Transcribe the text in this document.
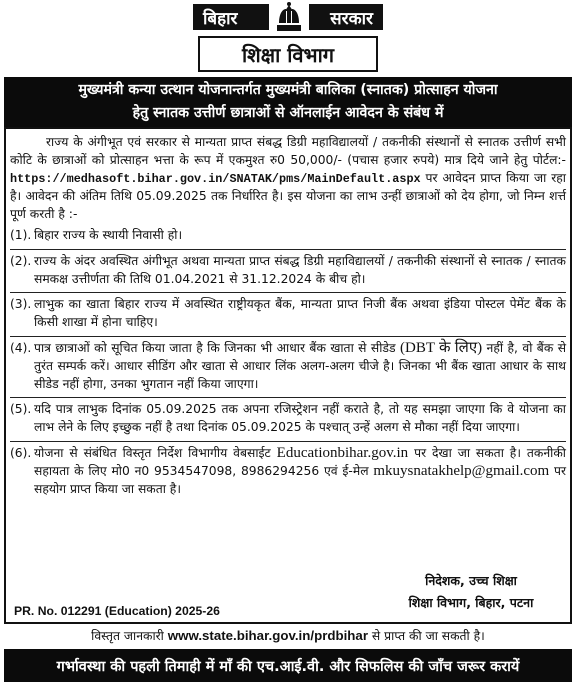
बिहार	सरकार
शिक्षा विभाग
मुख्यमंत्री कन्या उत्थान योजनान्तर्गत मुख्यमंत्री बालिका (स्नातक) प्रोत्साहन योजना
हेतु स्नातक उत्तीर्ण छात्राओं से ऑनलाईन आवेदन के संबंध में

राज्य के अंगीभूत एवं सरकार से मान्यता प्राप्त संबद्ध डिग्री महाविद्यालयों / तकनीकी संस्थानों से स्नातक उत्तीर्ण सभी कोटि के छात्राओं को प्रोत्साहन भत्ता के रूप में एकमुश्त रु0 50,000/- (पचास हजार रुपये) मात्र दिये जाने हेतु पोर्टल:-https://medhasoft.bihar.gov.in/SNATAK/pms/MainDefault.aspx पर आवेदन प्राप्त किया जा रहा है। आवेदन की अंतिम तिथि 05.09.2025 तक निर्धारित है। इस योजना का लाभ उन्हीं छात्राओं को देय होगा, जो निम्न शर्त्त पूर्ण करती है :-

(1). बिहार राज्य के स्थायी निवासी हो।
(2). राज्य के अंदर अवस्थित अंगीभूत अथवा मान्यता प्राप्त संबद्ध डिग्री महाविद्यालयों / तकनीकी संस्थानों से स्नातक / स्नातक समकक्ष उत्तीर्णता की तिथि 01.04.2021 से 31.12.2024 के बीच हो।
(3). लाभुक का खाता बिहार राज्य में अवस्थित राष्ट्रीयकृत बैंक, मान्यता प्राप्त निजी बैंक अथवा इंडिया पोस्टल पेमेंट बैंक के किसी शाखा में होना चाहिए।
(4). पात्र छात्राओं को सूचित किया जाता है कि जिनका भी आधार बैंक खाता से सीडेड (DBT के लिए) नहीं है, वो बैंक से तुरंत सम्पर्क करें। आधार सीडिंग और खाता से आधार लिंक अलग-अलग चीजे है। जिनका भी बैंक खाता आधार के साथ सीडेड नहीं होगा, उनका भुगतान नहीं किया जाएगा।
(5). यदि पात्र लाभुक दिनांक 05.09.2025 तक अपना रजिस्ट्रेशन नहीं कराते है, तो यह समझा जाएगा कि वे योजना का लाभ लेने के लिए इच्छुक नहीं है तथा दिनांक 05.09.2025 के पश्चात् उन्हें अलग से मौका नहीं दिया जाएगा।
(6). योजना से संबंधित विस्तृत निर्देश विभागीय वेबसाईट Educationbihar.gov.in पर देखा जा सकता है। तकनीकी सहायता के लिए मो0 न0 9534547098, 8986294256 एवं ई-मेल mkuysnatakhelp@gmail.com पर सहयोग प्राप्त किया जा सकता है।
निदेशक, उच्च शिक्षा
शिक्षा विभाग, बिहार, पटना
PR. No. 012291 (Education) 2025-26
विस्तृत जानकारी www.state.bihar.gov.in/prdbihar से प्राप्त की जा सकती है।
गर्भावस्था की पहली तिमाही में माँ की एच.आई.वी. और सिफलिस की जाँच जरूर करायें
